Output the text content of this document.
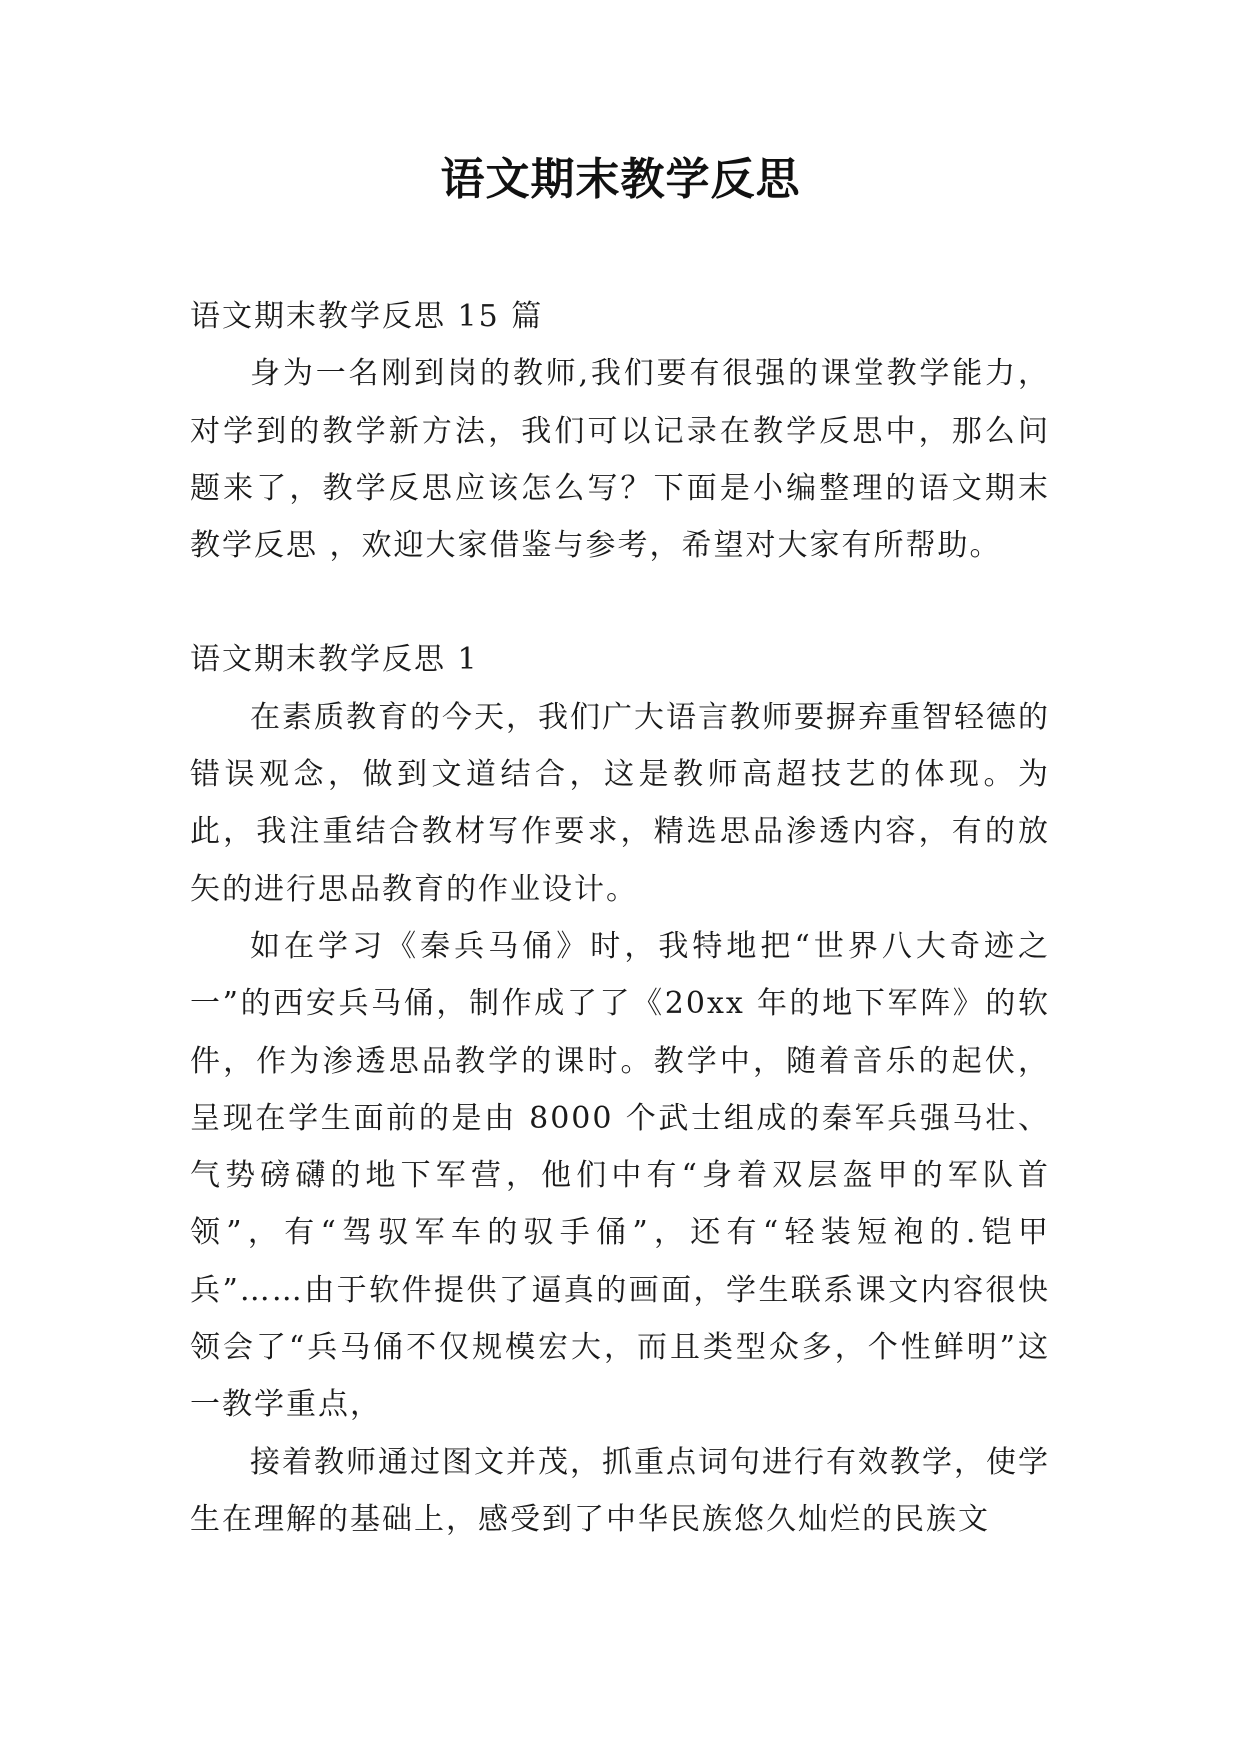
语文期末教学反思

语文期末教学反思 15 篇

身为一名刚到岗的教师,我们要有很强的课堂教学能力，对学到的教学新方法，我们可以记录在教学反思中，那么问题来了，教学反思应该怎么写？下面是小编整理的语文期末教学反思 ，欢迎大家借鉴与参考，希望对大家有所帮助。

语文期末教学反思 1

在素质教育的今天，我们广大语言教师要摒弃重智轻德的错误观念，做到文道结合，这是教师高超技艺的体现。为此，我注重结合教材写作要求，精选思品渗透内容，有的放矢的进行思品教育的作业设计。

如在学习《秦兵马俑》时，我特地把“世界八大奇迹之一”的西安兵马俑，制作成了了《20xx 年的地下军阵》的软件，作为渗透思品教学的课时。教学中，随着音乐的起伏，呈现在学生面前的是由 8000 个武士组成的秦军兵强马壮、气势磅礴的地下军营，他们中有“身着双层盔甲的军队首领”，有“驾驭军车的驭手俑”，还有“轻装短袍的.铠甲兵”……由于软件提供了逼真的画面，学生联系课文内容很快领会了“兵马俑不仅规模宏大，而且类型众多，个性鲜明”这一教学重点，

接着教师通过图文并茂，抓重点词句进行有效教学，使学生在理解的基础上，感受到了中华民族悠久灿烂的民族文
